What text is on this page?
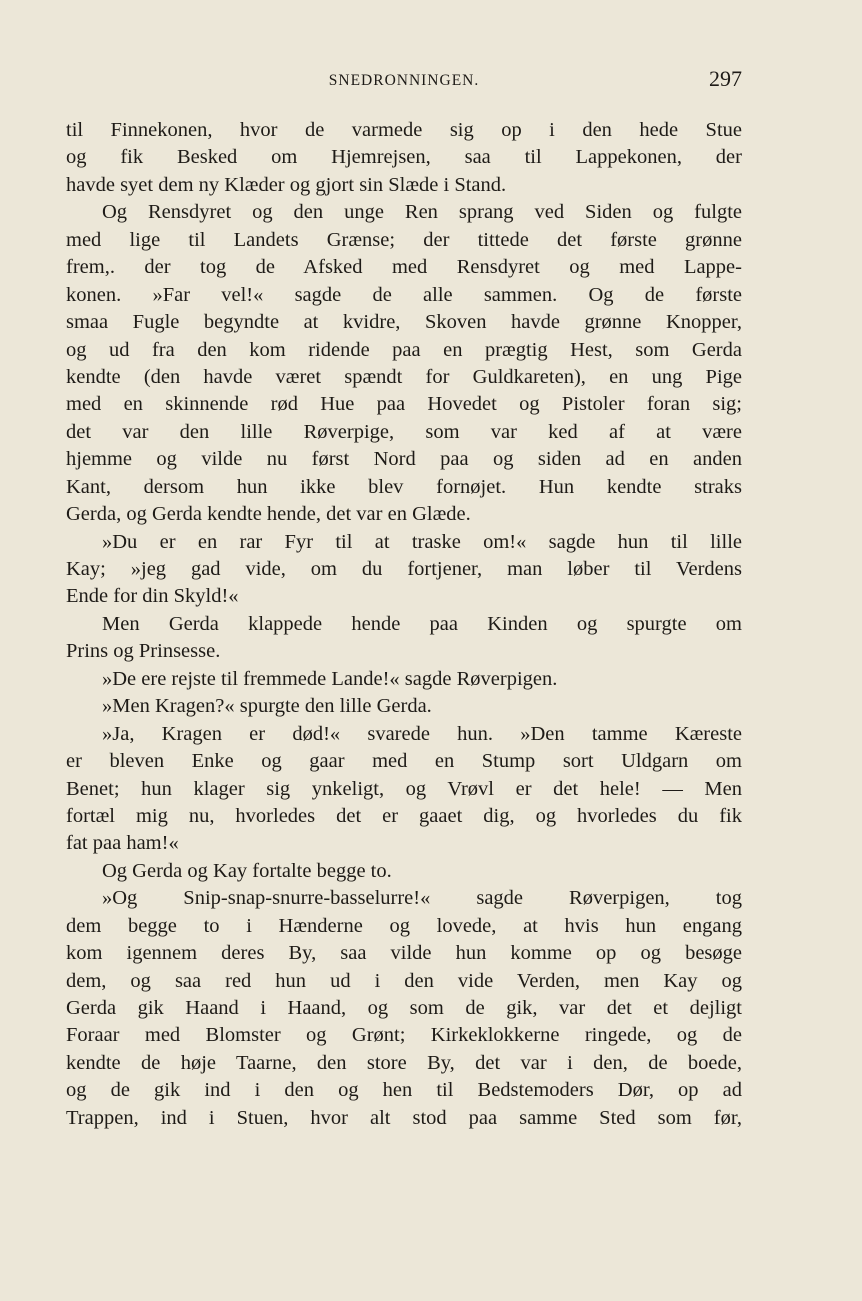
SNEDRONNINGEN.	297
til Finnekonen, hvor de varmede sig op i den hede Stue
og fik Besked om Hjemrejsen, saa til Lappekonen, der
havde syet dem ny Klæder og gjort sin Slæde i Stand.
Og Rensdyret og den unge Ren sprang ved Siden og fulgte
med lige til Landets Grænse; der tittede det første grønne
frem,. der tog de Afsked med Rensdyret og med Lappe-
konen. »Far vel!« sagde de alle sammen. Og de første
smaa Fugle begyndte at kvidre, Skoven havde grønne Knopper,
og ud fra den kom ridende paa en prægtig Hest, som Gerda
kendte (den havde været spændt for Guldkareten), en ung Pige
med en skinnende rød Hue paa Hovedet og Pistoler foran sig;
det var den lille Røverpige, som var ked af at være
hjemme og vilde nu først Nord paa og siden ad en anden
Kant, dersom hun ikke blev fornøjet. Hun kendte straks
Gerda, og Gerda kendte hende, det var en Glæde.
»Du er en rar Fyr til at traske om!« sagde hun til lille
Kay; »jeg gad vide, om du fortjener, man løber til Verdens
Ende for din Skyld!«
Men Gerda klappede hende paa Kinden og spurgte om
Prins og Prinsesse.
»De ere rejste til fremmede Lande!« sagde Røverpigen.
»Men Kragen?« spurgte den lille Gerda.
»Ja, Kragen er død!« svarede hun. »Den tamme Kæreste
er bleven Enke og gaar med en Stump sort Uldgarn om
Benet; hun klager sig ynkeligt, og Vrøvl er det hele! — Men
fortæl mig nu, hvorledes det er gaaet dig, og hvorledes du fik
fat paa ham!«
Og Gerda og Kay fortalte begge to.
»Og Snip-snap-snurre-basselurre!« sagde Røverpigen, tog
dem begge to i Hænderne og lovede, at hvis hun engang
kom igennem deres By, saa vilde hun komme op og besøge
dem, og saa red hun ud i den vide Verden, men Kay og
Gerda gik Haand i Haand, og som de gik, var det et dejligt
Foraar med Blomster og Grønt; Kirkeklokkerne ringede, og de
kendte de høje Taarne, den store By, det var i den, de boede,
og de gik ind i den og hen til Bedstemoders Dør, op ad
Trappen, ind i Stuen, hvor alt stod paa samme Sted som før,
